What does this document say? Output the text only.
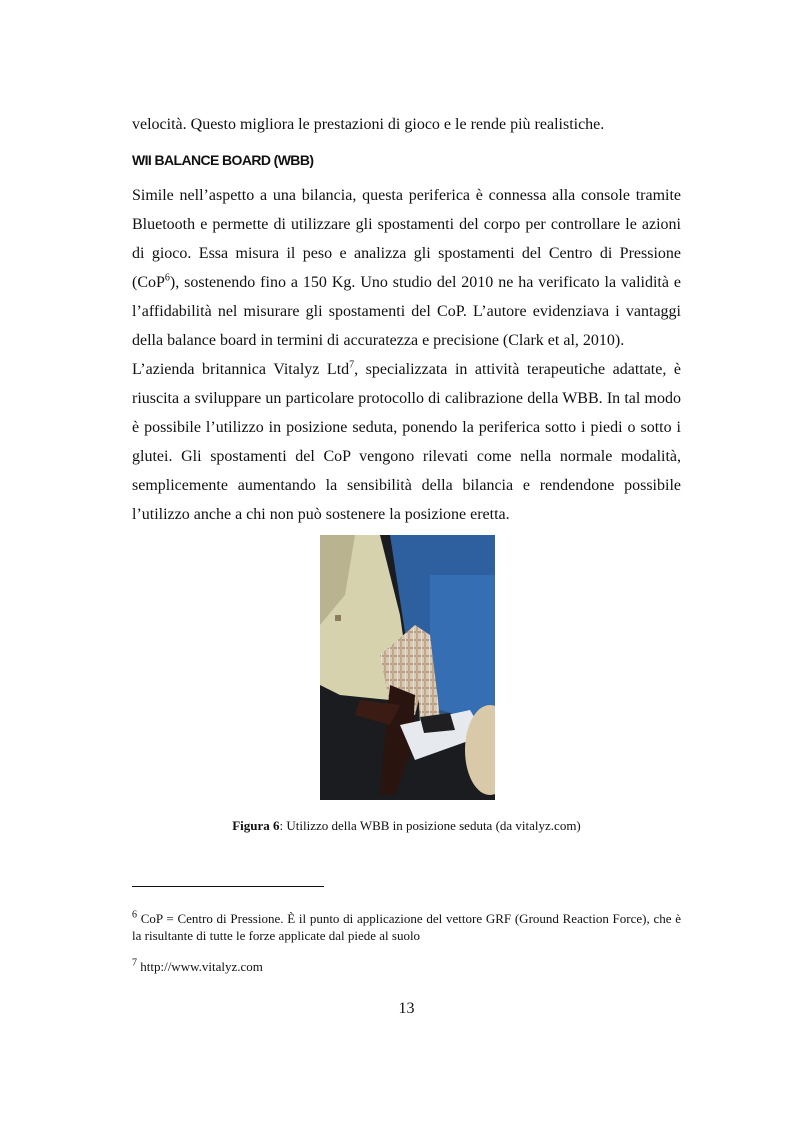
velocità. Questo migliora le prestazioni di gioco e le rende più realistiche.
WII BALANCE BOARD (WBB)
Simile nell’aspetto a una bilancia, questa periferica è connessa alla console tramite Bluetooth e permette di utilizzare gli spostamenti del corpo per controllare le azioni di gioco. Essa misura il peso e analizza gli spostamenti del Centro di Pressione (CoP$^6$), sostenendo fino a 150 Kg. Uno studio del 2010 ne ha verificato la validità e l’affidabilità nel misurare gli spostamenti del CoP. L’autore evidenziava i vantaggi della balance board in termini di accuratezza e precisione (Clark et al, 2010).
L’azienda britannica Vitalyz Ltd$^7$, specializzata in attività terapeutiche adattate, è riuscita a sviluppare un particolare protocollo di calibrazione della WBB. In tal modo è possibile l’utilizzo in posizione seduta, ponendo la periferica sotto i piedi o sotto i glutei. Gli spostamenti del CoP vengono rilevati come nella normale modalità, semplicemente aumentando la sensibilità della bilancia e rendendone possibile l’utilizzo anche a chi non può sostenere la posizione eretta.
Figura 6: Utilizzo della WBB in posizione seduta (da vitalyz.com)
$^6$ CoP = Centro di Pressione. È il punto di applicazione del vettore GRF (Ground Reaction Force), che è la risultante di tutte le forze applicate dal piede al suolo
$^7$ http://www.vitalyz.com
13
